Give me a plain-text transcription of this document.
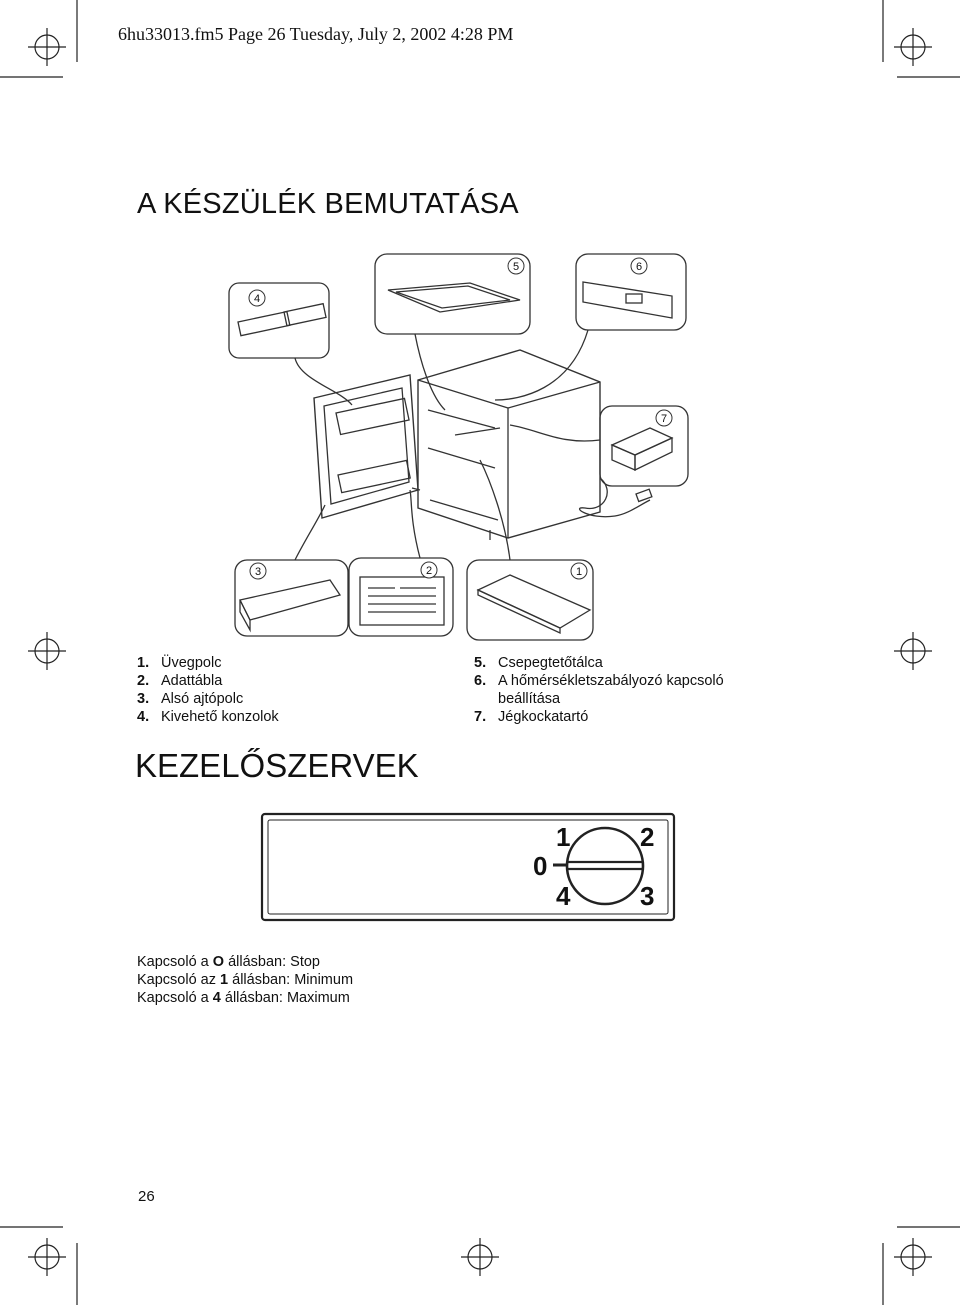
6hu33013.fm5 Page 26 Tuesday, July 2, 2002 4:28 PM
A KÉSZÜLÉK BEMUTATÁSA
4
5	6
7
3	2	1
1. Üvegpolc
2. Adattábla
3. Alsó ajtópolc
4. Kivehető konzolok
5. Csepegtetőtálca
6. A hőmérsékletszabályozó kapcsoló
beállítása
7. Jégkockatartó
KEZELŐSZERVEK
0
1	2
3
4
Kapcsoló a O állásban: Stop
Kapcsoló az 1 állásban: Minimum
Kapcsoló a 4 állásban: Maximum
26
